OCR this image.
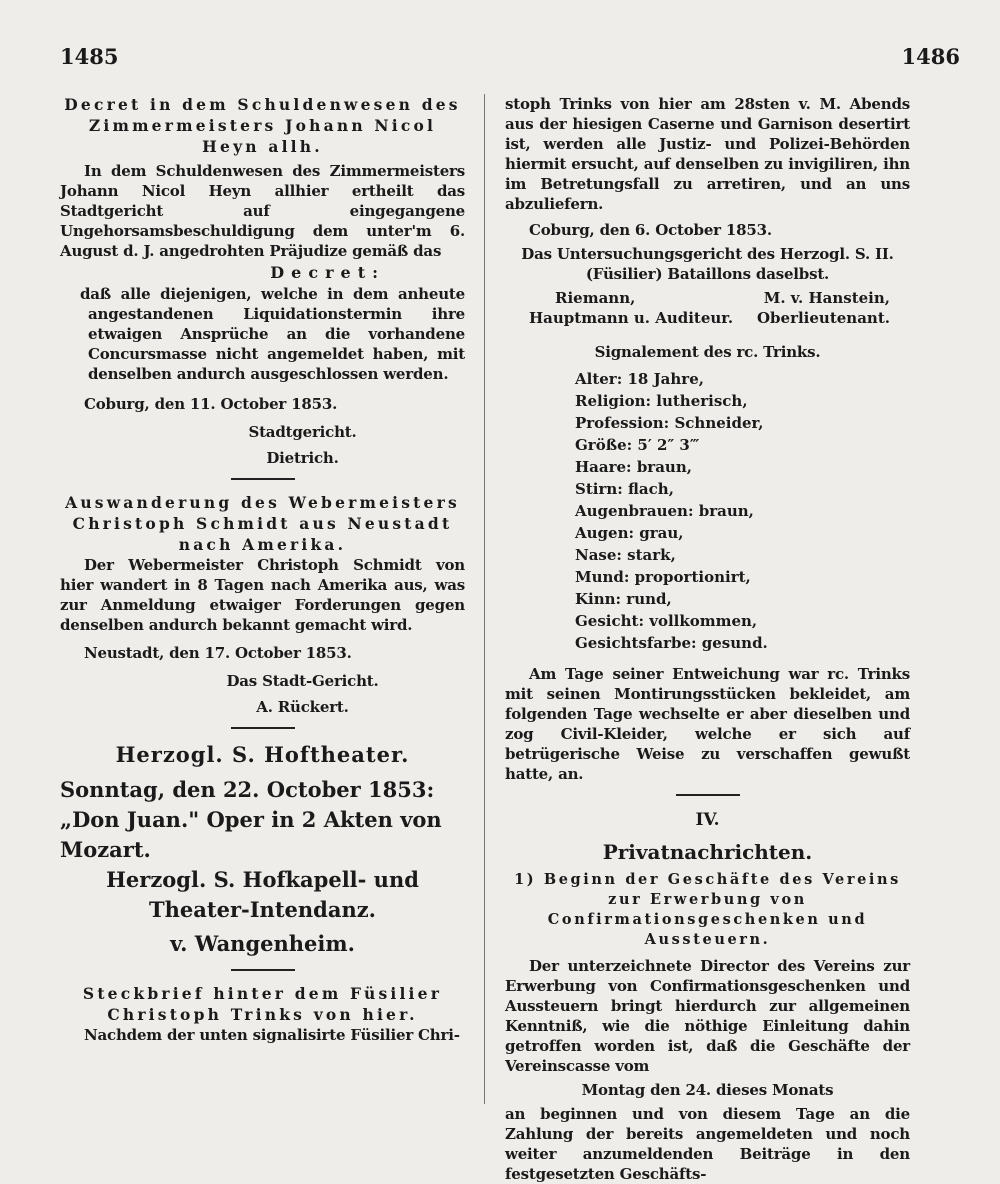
1485	1486

Decret in dem Schuldenwesen des Zimmermeisters Johann Nicol Heyn allh.

In dem Schuldenwesen des Zimmermeisters Johann Nicol Heyn allhier ertheilt das Stadtgericht auf eingegangene Ungehorsamsbeschuldigung dem unter'm 6. August d. J. angedrohten Präjudize gemäß das

Decret:

daß alle diejenigen, welche in dem anheute angestandenen Liquidationstermin ihre etwaigen Ansprüche an die vorhandene Concursmasse nicht angemeldet haben, mit denselben andurch ausgeschlossen werden.

Coburg, den 11. October 1853.

Stadtgericht.

Dietrich.

Auswanderung des Webermeisters Christoph Schmidt aus Neustadt nach Amerika.

Der Webermeister Christoph Schmidt von hier wandert in 8 Tagen nach Amerika aus, was zur Anmeldung etwaiger Forderungen gegen denselben andurch bekannt gemacht wird.

Neustadt, den 17. October 1853.

Das Stadt-Gericht.

A. Rückert.

Herzogl. S. Hoftheater.

Sonntag, den 22. October 1853:

„Don Juan." Oper in 2 Akten von Mozart.

Herzogl. S. Hofkapell- und Theater-Intendanz.

v. Wangenheim.

Steckbrief hinter dem Füsilier Christoph Trinks von hier.

Nachdem der unten signalisirte Füsilier Chri-

stoph Trinks von hier am 28sten v. M. Abends aus der hiesigen Caserne und Garnison desertirt ist, werden alle Justiz- und Polizei-Behörden hiermit ersucht, auf denselben zu invigiliren, ihn im Betretungsfall zu arretiren, und an uns abzuliefern.

Coburg, den 6. October 1853.

Das Untersuchungsgericht des Herzogl. S. II. (Füsilier) Bataillons daselbst.

Riemann,	M. v. Hanstein,
Hauptmann u. Auditeur. Oberlieutenant.

Signalement des rc. Trinks.

Alter: 18 Jahre,
Religion: lutherisch,
Profession: Schneider,
Größe: 5′ 2″ 3‴
Haare: braun,
Stirn: flach,
Augenbrauen: braun,
Augen: grau,
Nase: stark,
Mund: proportionirt,
Kinn: rund,
Gesicht: vollkommen,
Gesichtsfarbe: gesund.

Am Tage seiner Entweichung war rc. Trinks mit seinen Montirungsstücken bekleidet, am folgenden Tage wechselte er aber dieselben und zog Civil-Kleider, welche er sich auf betrügerische Weise zu verschaffen gewußt hatte, an.

IV.

Privatnachrichten.

1) Beginn der Geschäfte des Vereins zur Erwerbung von Confirmationsgeschenken und Aussteuern.

Der unterzeichnete Director des Vereins zur Erwerbung von Confirmationsgeschenken und Aussteuern bringt hierdurch zur allgemeinen Kenntniß, wie die nöthige Einleitung dahin getroffen worden ist, daß die Geschäfte der Vereinscasse vom

Montag den 24. dieses Monats

an beginnen und von diesem Tage an die Zahlung der bereits angemeldeten und noch weiter anzumeldenden Beiträge in den festgesetzten Geschäfts-
